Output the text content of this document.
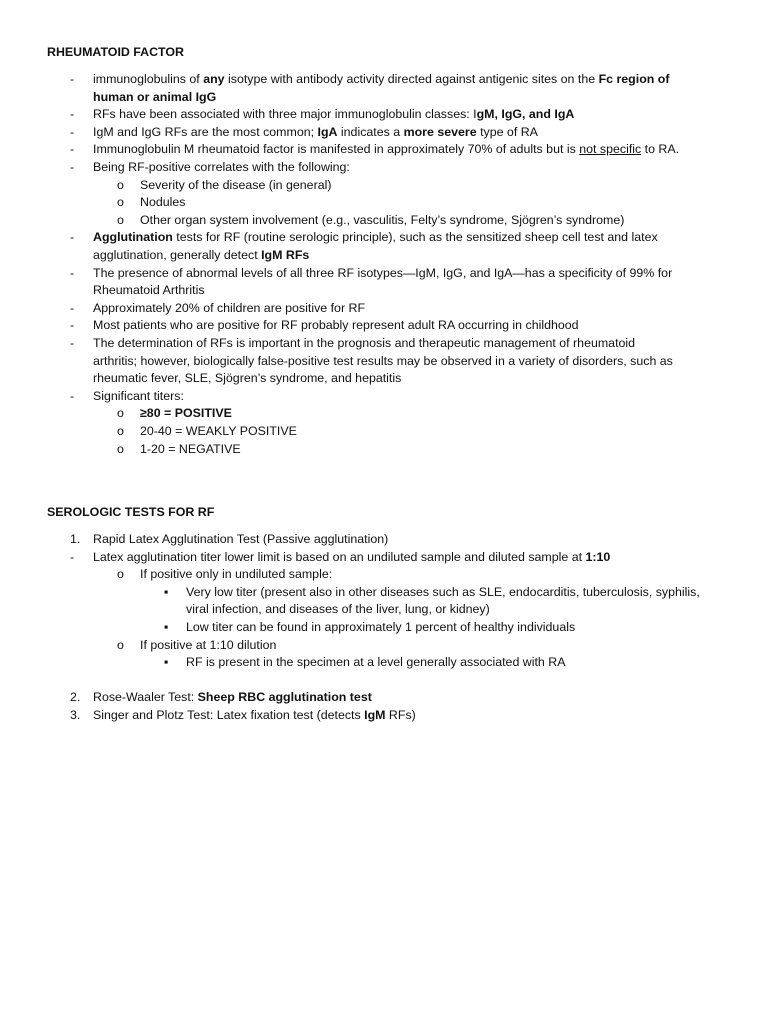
RHEUMATOID FACTOR
-	immunoglobulins of any isotype with antibody activity directed against antigenic sites on the Fc region of
human or animal IgG
-	RFs have been associated with three major immunoglobulin classes: IgM, IgG, and IgA
-	IgM and IgG RFs are the most common; IgA indicates a more severe type of RA
-	Immunoglobulin M rheumatoid factor is manifested in approximately 70% of adults but is not specific to RA.
-	Being RF-positive correlates with the following:
o	Severity of the disease (in general)
o	Nodules
o	Other organ system involvement (e.g., vasculitis, Felty’s syndrome, Sjögren’s syndrome)
-	Agglutination tests for RF (routine serologic principle), such as the sensitized sheep cell test and latex
agglutination, generally detect IgM RFs
-	The presence of abnormal levels of all three RF isotypes—IgM, IgG, and IgA—has a specificity of 99% for
Rheumatoid Arthritis
-	Approximately 20% of children are positive for RF
-	Most patients who are positive for RF probably represent adult RA occurring in childhood
-	The determination of RFs is important in the prognosis and therapeutic management of rheumatoid
arthritis; however, biologically false-positive test results may be observed in a variety of disorders, such as
rheumatic fever, SLE, Sjögren’s syndrome, and hepatitis
-	Significant titers:
o	≥80 = POSITIVE
o	20-40 = WEAKLY POSITIVE
o	1-20 = NEGATIVE
SEROLOGIC TESTS FOR RF
1.	Rapid Latex Agglutination Test (Passive agglutination)
-	Latex agglutination titer lower limit is based on an undiluted sample and diluted sample at 1:10
o	If positive only in undiluted sample:
▪	Very low titer (present also in other diseases such as SLE, endocarditis, tuberculosis, syphilis,
viral infection, and diseases of the liver, lung, or kidney)
▪	Low titer can be found in approximately 1 percent of healthy individuals
o	If positive at 1:10 dilution
▪	RF is present in the specimen at a level generally associated with RA
2.	Rose-Waaler Test: Sheep RBC agglutination test
3.	Singer and Plotz Test: Latex fixation test (detects IgM RFs)
